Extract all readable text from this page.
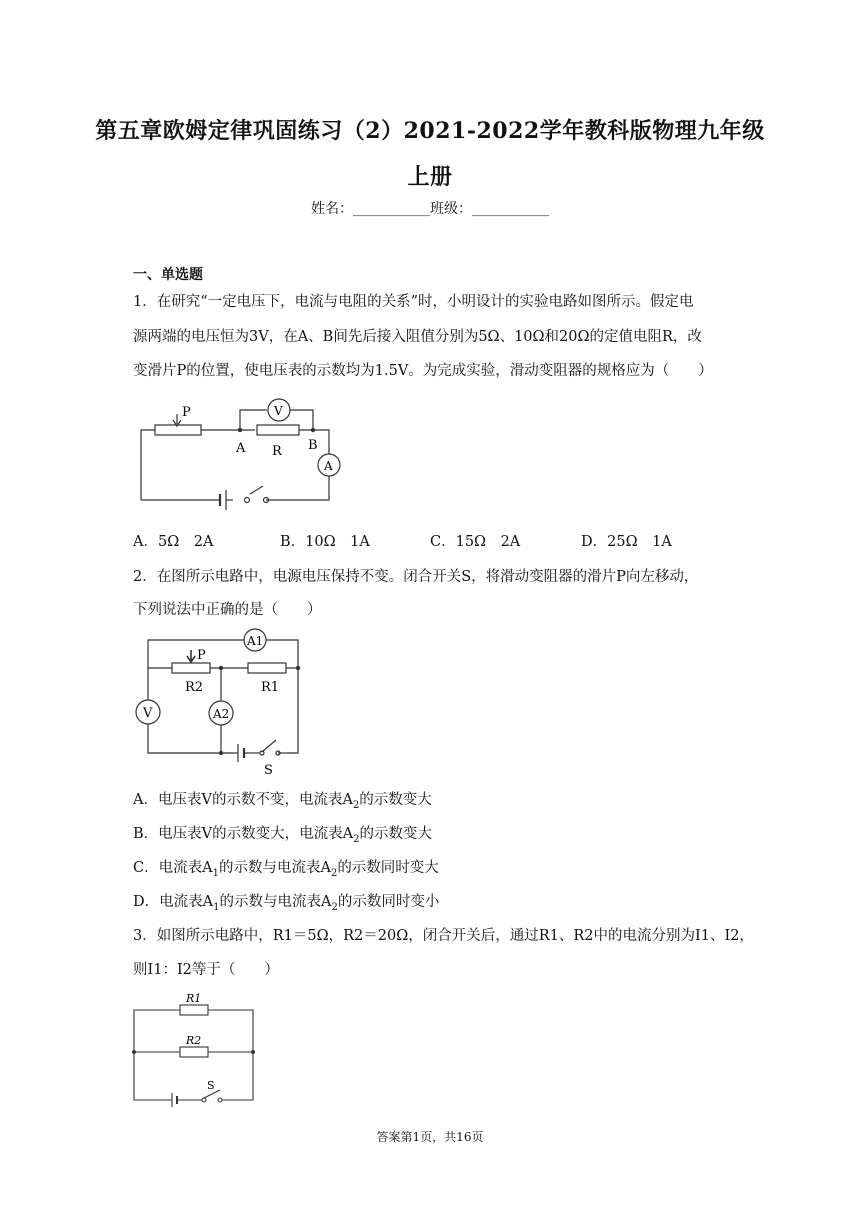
第五章欧姆定律巩固练习（2）2021-2022学年教科版物理九年级
上册
姓名：___________班级：___________
一、单选题
1．在研究“一定电压下，电流与电阻的关系”时，小明设计的实验电路如图所示。假定电
源两端的电压恒为3V，在A、B间先后接入阻值分别为5Ω、10Ω和20Ω的定值电阻R，改
变滑片P的位置，使电压表的示数均为1.5V。为完成实验，滑动变阻器的规格应为（　　）
P	V
A
A	B
R
A．5Ω　2A	B．10Ω　1A	C．15Ω　2A	D．25Ω　1A
2．在图所示电路中，电源电压保持不变。闭合开关S，将滑动变阻器的滑片P向左移动，
下列说法中正确的是（　　）
P
R2	R1
A1
A2
V
S
A．电压表V的示数不变，电流表$A_2$的示数变大
B．电压表V的示数变大，电流表$A_2$的示数变大
C．电流表$A_1$的示数与电流表$A_2$的示数同时变大
D．电流表$A_1$的示数与电流表$A_2$的示数同时变小
3．如图所示电路中，R1＝5Ω，R2＝20Ω，闭合开关后，通过R1、R2中的电流分别为I1、I2，
则I1：I2等于（　　）
R1
R2
S
答案第1页，共16页
